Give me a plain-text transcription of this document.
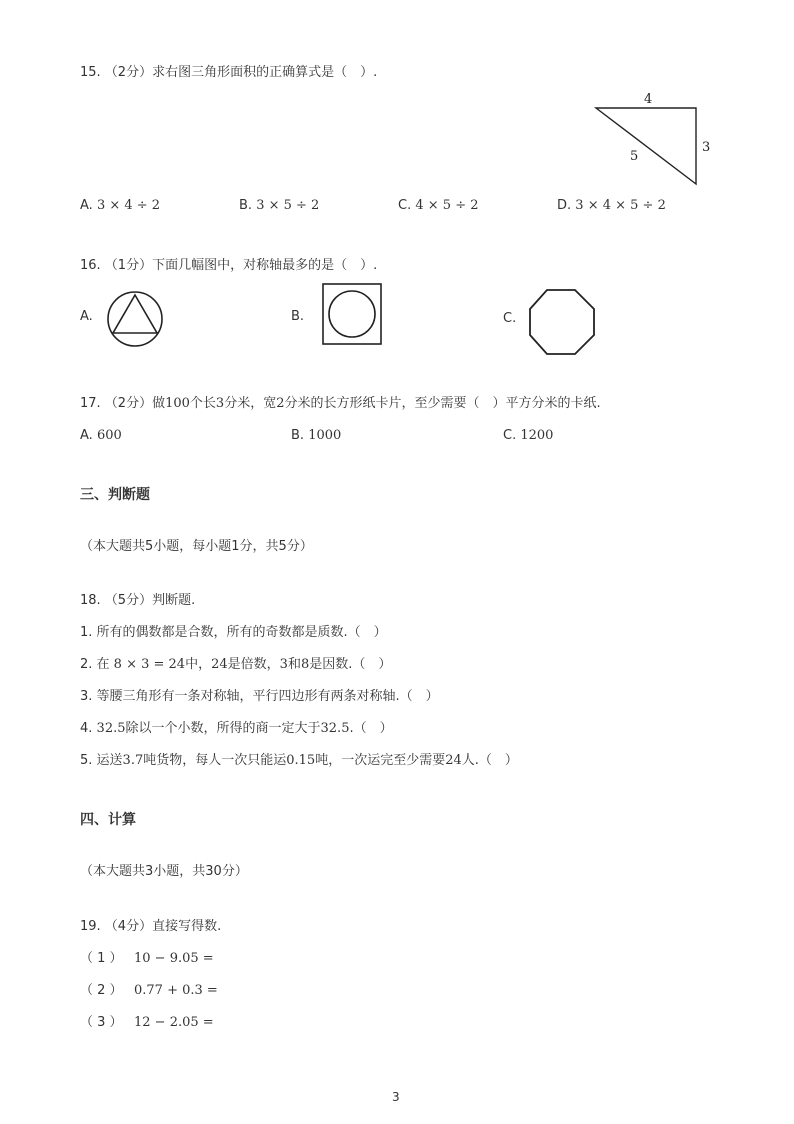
15. （2分）求右图三角形面积的正确算式是（　）.
4
3
5
A. 3 × 4 ÷ 2	B. 3 × 5 ÷ 2	C. 4 × 5 ÷ 2	D. 3 × 4 × 5 ÷ 2
16. （1分）下面几幅图中，对称轴最多的是（　）.
A.	B.	C.
17. （2分）做100个长3分米，宽2分米的长方形纸卡片，至少需要（　）平方分米的卡纸.
A. 600	B. 1000	C. 1200
三、判断题
（本大题共5小题，每小题1分，共5分）
18. （5分）判断题.
1. 所有的偶数都是合数，所有的奇数都是质数.（　）
2. 在 8 × 3 = 24中，24是倍数，3和8是因数.（　）
3. 等腰三角形有一条对称轴，平行四边形有两条对称轴.（　）
4. 32.5除以一个小数，所得的商一定大于32.5.（　）
5. 运送3.7吨货物，每人一次只能运0.15吨，一次运完至少需要24人.（　）
四、计算
（本大题共3小题，共30分）
19. （4分）直接写得数.
（ 1 ） 10 − 9.05 =
（ 2 ） 0.77 + 0.3 =
（ 3 ） 12 − 2.05 =
3
